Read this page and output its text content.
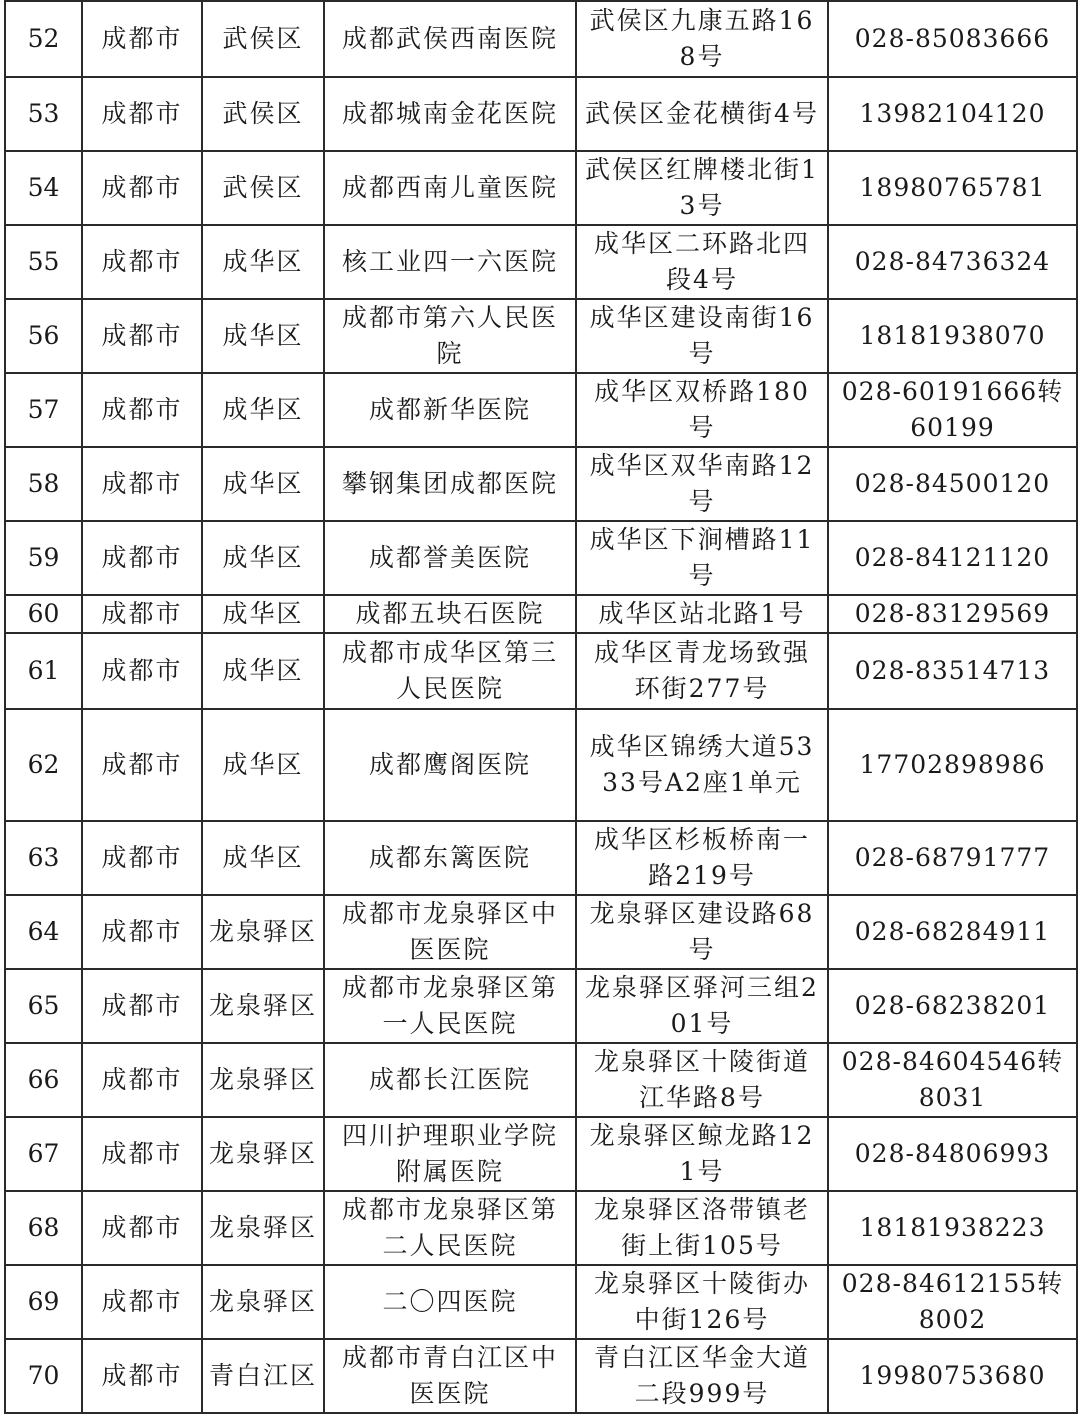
52	成都市	武侯区	成都武侯西南医院	武侯区九康五路168号	028-85083666
53	成都市	武侯区	成都城南金花医院	武侯区金花横街4号	13982104120
54	成都市	武侯区	成都西南儿童医院	武侯区红牌楼北街13号	18980765781
55	成都市	成华区	核工业四一六医院	成华区二环路北四段4号	028-84736324
56	成都市	成华区	成都市第六人民医院	成华区建设南街16号	18181938070
57	成都市	成华区	成都新华医院	成华区双桥路180号	028-60191666转60199
58	成都市	成华区	攀钢集团成都医院	成华区双华南路12号	028-84500120
59	成都市	成华区	成都誉美医院	成华区下涧槽路11号	028-84121120
60	成都市	成华区	成都五块石医院	成华区站北路1号	028-83129569
61	成都市	成华区	成都市成华区第三人民医院	成华区青龙场致强环街277号	028-83514713
62	成都市	成华区	成都鹰阁医院	成华区锦绣大道5333号A2座1单元	17702898986
63	成都市	成华区	成都东篱医院	成华区杉板桥南一路219号	028-68791777
64	成都市	龙泉驿区	成都市龙泉驿区中医医院	龙泉驿区建设路68号	028-68284911
65	成都市	龙泉驿区	成都市龙泉驿区第一人民医院	龙泉驿区驿河三组201号	028-68238201
66	成都市	龙泉驿区	成都长江医院	龙泉驿区十陵街道江华路8号	028-84604546转8031
67	成都市	龙泉驿区	四川护理职业学院附属医院	龙泉驿区鲸龙路121号	028-84806993
68	成都市	龙泉驿区	成都市龙泉驿区第二人民医院	龙泉驿区洛带镇老街上街105号	18181938223
69	成都市	龙泉驿区	二〇四医院	龙泉驿区十陵街办中街126号	028-84612155转8002
70	成都市	青白江区	成都市青白江区中医医院	青白江区华金大道二段999号	19980753680
